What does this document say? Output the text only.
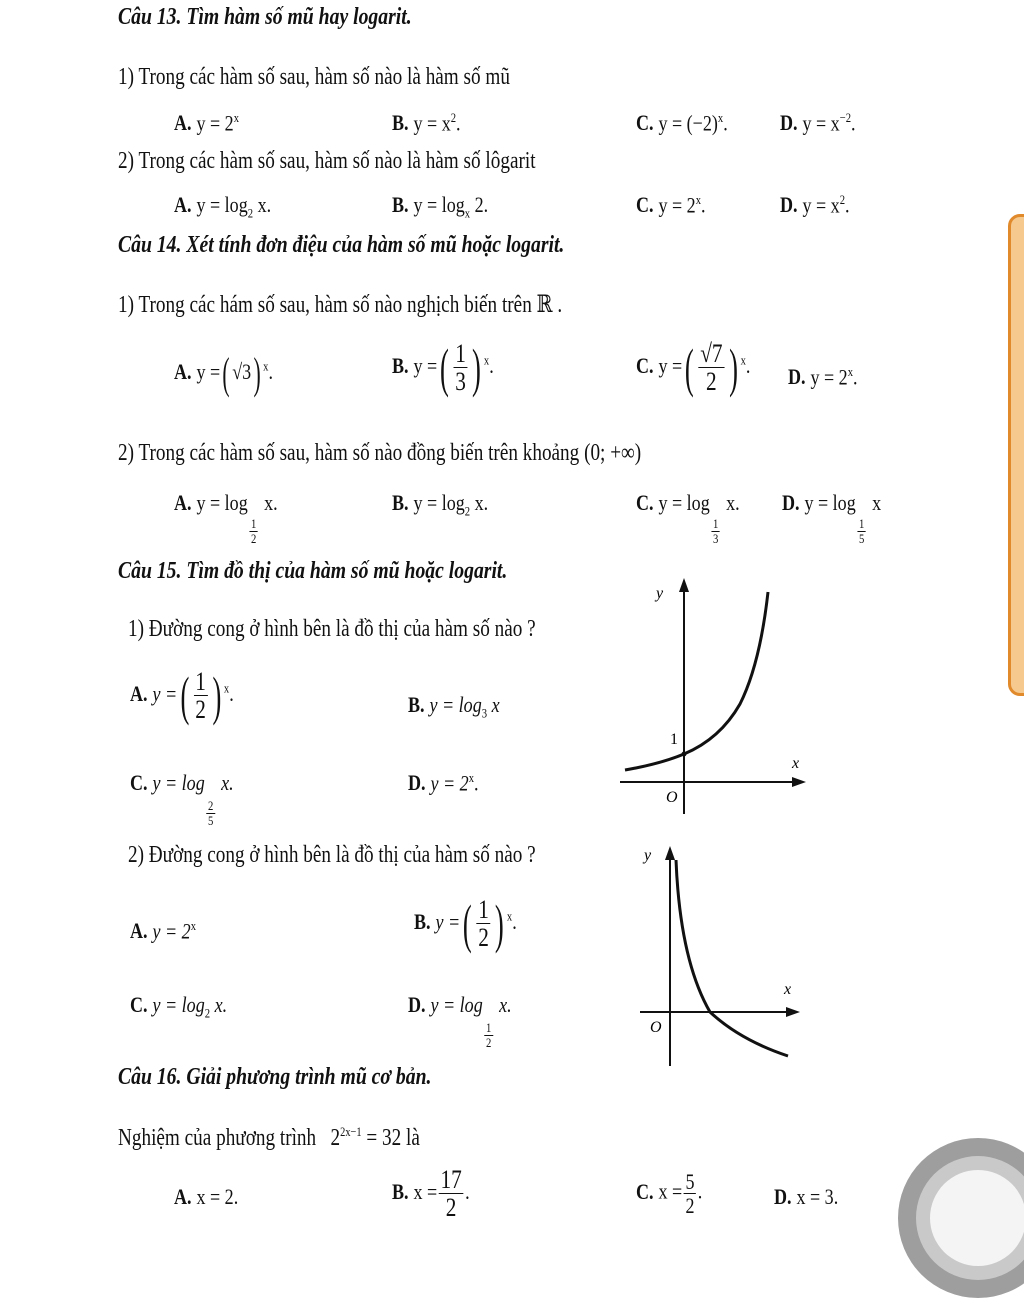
Câu 13. Tìm hàm số mũ hay logarit.
1) Trong các hàm số sau, hàm số nào là hàm số mũ
A. $y = 2^x$	B. $y = x^2$.	C. $y = (-2)^x$. D. $y = x^{-2}$.
2) Trong các hàm số sau, hàm số nào là hàm số lôgarit
A. $y = \log_2 x$.	B. $y = \log_x 2$.	C. $y = 2^x$.	D. $y = x^2$.
Câu 14. Xét tính đơn điệu của hàm số mũ hoặc logarit.
1) Trong các hám số sau, hàm số nào nghịch biến trên ℝ .
A. y =( √3) $^x$.	B. y =( $\frac{1}{3}$ ) $^x$.	C. y =( $\frac{√7}{2}$ ) $^x$. D. $y = 2^x$.
2) Trong các hàm số sau, hàm số nào đồng biến trên khoảng (0; +∞)
A. y = log
$\frac{1}{2}$
x.	B. $y = \log_2 x$.	C. y = log
$\frac{1}{3}$
x. D. y = log
$\frac{1}{5}$
x
Câu 15. Tìm đồ thị của hàm số mũ hoặc logarit.
1) Đường cong ở hình bên là đồ thị của hàm số nào ?
A. y =( $\frac{1}{2}$ ) $^x$.	B. $y = \log_3 x$
C. y = log
$\frac{2}{5}$
x.	D. $y = 2^x$.
y
x
1
O
2) Đường cong ở hình bên là đồ thị của hàm số nào ?
A. $y = 2^x$	B. y =( $\frac{1}{2}$ ) $^x$.
C. $y = \log_2 x$.	D. y = log
$\frac{1}{2}$
x.
y
x
O
Câu 16. Giải phương trình mũ cơ bản.
Nghiệm của phương trình $2^{2x-1} = 32$ là
A. x = 2.	B. $x = \frac{17}{2}$ .	C. $x = \frac{5}{2}$ .	D. x = 3.
